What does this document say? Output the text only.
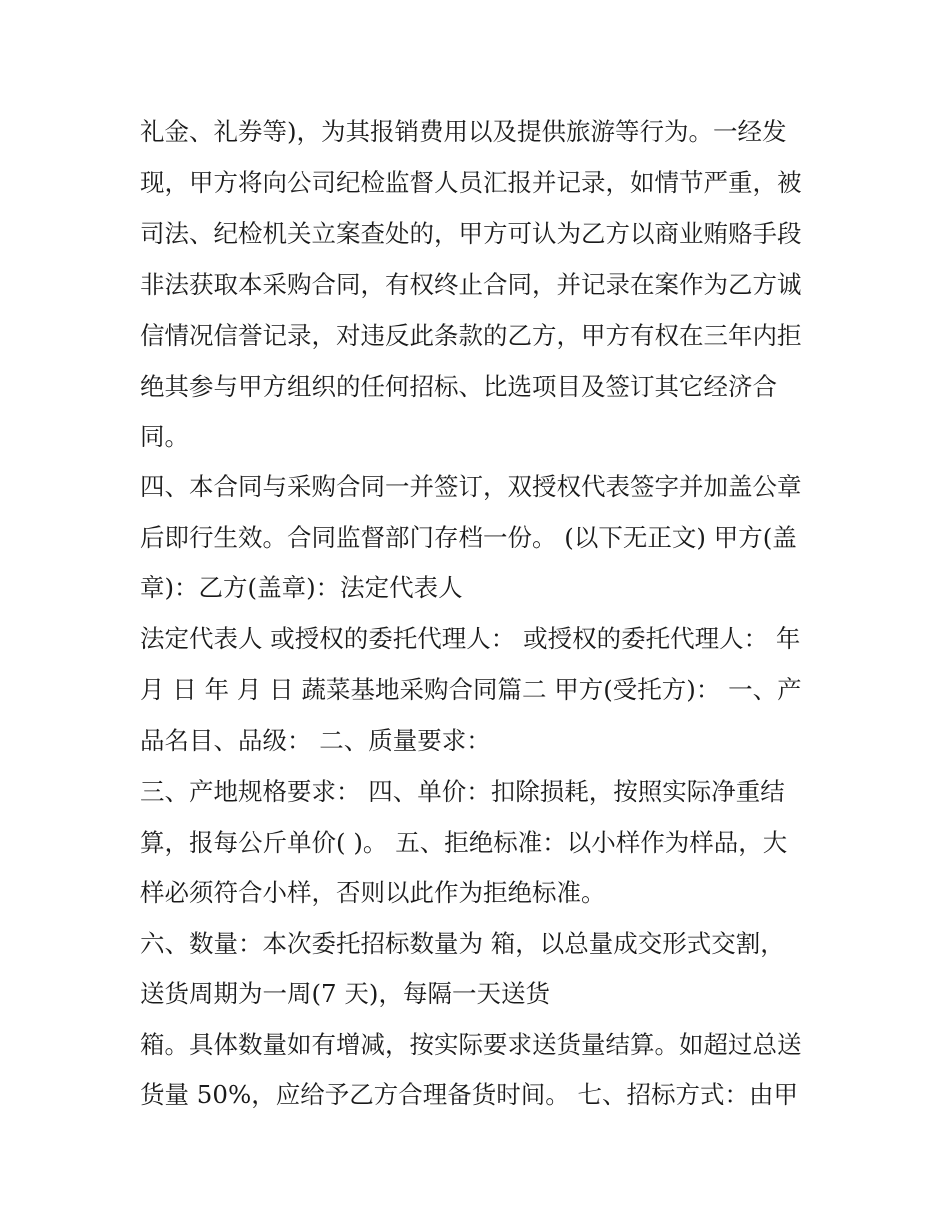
礼金、礼券等)，为其报销费用以及提供旅游等行为。一经发

现，甲方将向公司纪检监督人员汇报并记录，如情节严重，被

司法、纪检机关立案查处的，甲方可认为乙方以商业贿赂手段

非法获取本采购合同，有权终止合同，并记录在案作为乙方诚

信情况信誉记录，对违反此条款的乙方，甲方有权在三年内拒

绝其参与甲方组织的任何招标、比选项目及签订其它经济合

同。

四、本合同与采购合同一并签订，双授权代表签字并加盖公章

后即行生效。合同监督部门存档一份。 (以下无正文) 甲方(盖

章)：乙方(盖章)：法定代表人

法定代表人 或授权的委托代理人： 或授权的委托代理人： 年

月 日 年 月 日 蔬菜基地采购合同篇二 甲方(受托方)： 一、产

品名目、品级： 二、质量要求：

三、产地规格要求： 四、单价：扣除损耗，按照实际净重结

算，报每公斤单价( )。 五、拒绝标准：以小样作为样品，大

样必须符合小样，否则以此作为拒绝标准。

六、数量：本次委托招标数量为 箱，以总量成交形式交割，

送货周期为一周(7 天)，每隔一天送货

箱。具体数量如有增减，按实际要求送货量结算。如超过总送

货量 50%，应给予乙方合理备货时间。 七、招标方式：由甲
